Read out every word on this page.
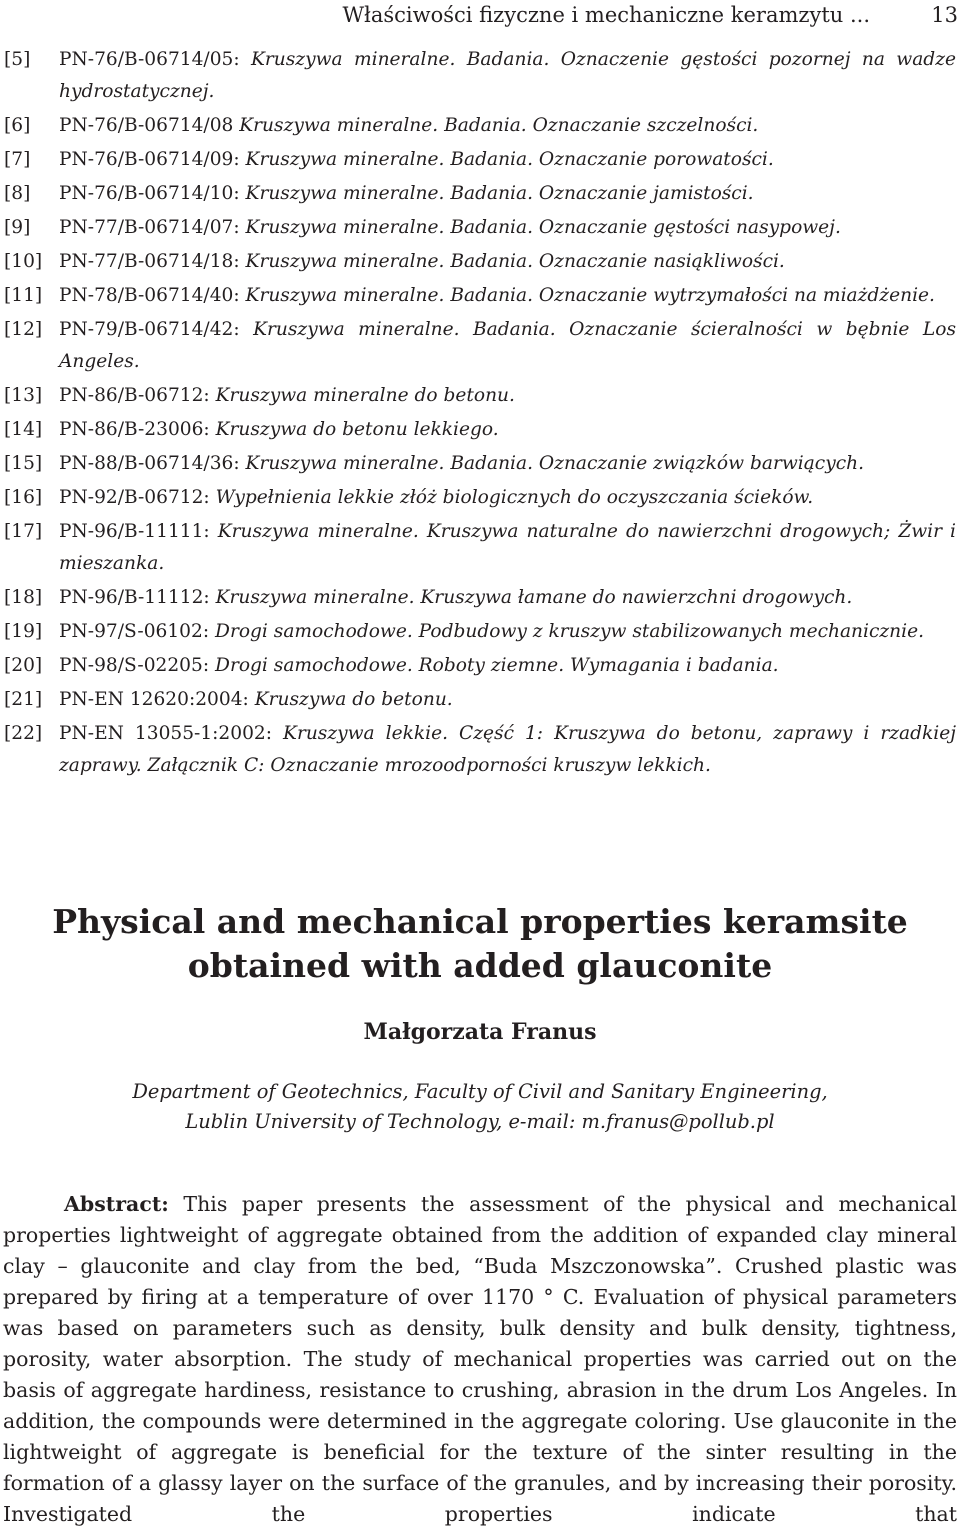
Właściwości fizyczne i mechaniczne keramzytu ...	13
[5] PN-76/B-06714/05: Kruszywa mineralne. Badania. Oznaczenie gęstości pozornej na wadze hydrostatycznej.
[6] PN-76/B-06714/08 Kruszywa mineralne. Badania. Oznaczanie szczelności.
[7] PN-76/B-06714/09: Kruszywa mineralne. Badania. Oznaczanie porowatości.
[8] PN-76/B-06714/10: Kruszywa mineralne. Badania. Oznaczanie jamistości.
[9] PN-77/B-06714/07: Kruszywa mineralne. Badania. Oznaczanie gęstości nasypowej.
[10] PN-77/B-06714/18: Kruszywa mineralne. Badania. Oznaczanie nasiąkliwości.
[11] PN-78/B-06714/40: Kruszywa mineralne. Badania. Oznaczanie wytrzymałości na miażdżenie.
[12] PN-79/B-06714/42: Kruszywa mineralne. Badania. Oznaczanie ścieralności w bębnie Los Angeles.
[13] PN-86/B-06712: Kruszywa mineralne do betonu.
[14] PN-86/B-23006: Kruszywa do betonu lekkiego.
[15] PN-88/B-06714/36: Kruszywa mineralne. Badania. Oznaczanie związków barwiących.
[16] PN-92/B-06712: Wypełnienia lekkie złóż biologicznych do oczyszczania ścieków.
[17] PN-96/B-11111: Kruszywa mineralne. Kruszywa naturalne do nawierzchni drogowych; Żwir i mieszanka.
[18] PN-96/B-11112: Kruszywa mineralne. Kruszywa łamane do nawierzchni drogowych.
[19] PN-97/S-06102: Drogi samochodowe. Podbudowy z kruszyw stabilizowanych mechanicznie.
[20] PN-98/S-02205: Drogi samochodowe. Roboty ziemne. Wymagania i badania.
[21] PN-EN 12620:2004: Kruszywa do betonu.
[22] PN-EN 13055-1:2002: Kruszywa lekkie. Część 1: Kruszywa do betonu, zaprawy i rzadkiej zaprawy. Załącznik C: Oznaczanie mrozoodporności kruszyw lekkich.
Physical and mechanical properties keramsite
obtained with added glauconite
Małgorzata Franus
Department of Geotechnics, Faculty of Civil and Sanitary Engineering,
Lublin University of Technology, e-mail: m.franus@pollub.pl

Abstract: This paper presents the assessment of the physical and mechanical properties lightweight of aggregate obtained from the addition of expanded clay mineral clay – glauconite and clay from the bed, “Buda Mszczonowska”. Crushed plastic was prepared by firing at a temperature of over 1170 ° C. Evaluation of physical parameters was based on parameters such as density, bulk density and bulk density, tightness, porosity, water absorption. The study of mechanical properties was carried out on the basis of aggregate hardiness, resistance to crushing, abrasion in the drum Los Angeles. In addition, the compounds were determined in the aggregate coloring. Use glauconite in the lightweight of aggregate is beneficial for the texture of the sinter resulting in the formation of a glassy layer on the surface of the granules, and by increasing their porosity. Investigated the properties indicate that
